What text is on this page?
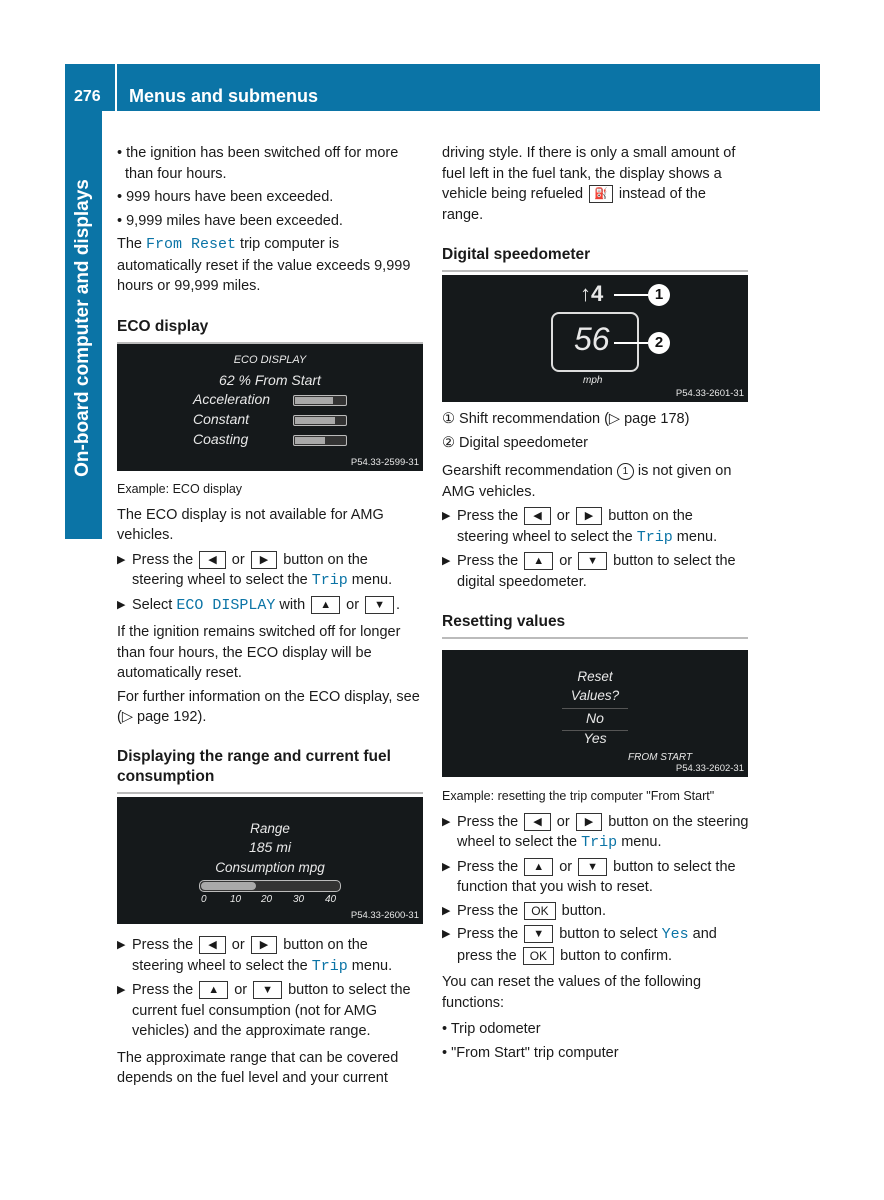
276 Menus and submenus
On-board computer and displays

• the ignition has been switched off for more than four hours.

• 999 hours have been exceeded.

• 9,999 miles have been exceeded.

The From Reset trip computer is automatically reset if the value exceeds 9,999 hours or 99,999 miles.

ECO display
ECO DISPLAY
62 % From Start
Acceleration
Constant
Coasting
P54.33-2599-31

Example: ECO display

The ECO display is not available for AMG vehicles.

▶ Press the ◀ or ▶ button on the steering wheel to select the Trip menu.

▶ Select ECO DISPLAY with ▲ or ▼ .

If the ignition remains switched off for longer than four hours, the ECO display will be automatically reset.

For further information on the ECO display, see (▷ page 192).

Displaying the range and current fuel consumption
Range
185 mi
Consumption mpg
0 10 20 30 40
P54.33-2600-31

▶ Press the ◀ or ▶ button on the steering wheel to select the Trip menu.

▶ Press the ▲ or ▼ button to select the current fuel consumption (not for AMG vehicles) and the approximate range.

The approximate range that can be covered depends on the fuel level and your current

driving style. If there is only a small amount of fuel left in the fuel tank, the display shows a vehicle being refueled ⛽ instead of the range.

Digital speedometer
↑4	1
56	2
mph
P54.33-2601-31

① Shift recommendation (▷ page 178)

② Digital speedometer

Gearshift recommendation 1 is not given on AMG vehicles.

▶ Press the ◀ or ▶ button on the steering wheel to select the Trip menu.

▶ Press the ▲ or ▼ button to select the digital speedometer.

Resetting values
Reset
Values?
No
Yes
FROM START
P54.33-2602-31

Example: resetting the trip computer "From Start"

▶ Press the ◀ or ▶ button on the steering wheel to select the Trip menu.

▶ Press the ▲ or ▼ button to select the function that you wish to reset.

▶ Press the OK button.

▶ Press the ▼ button to select Yes and press the OK button to confirm.

You can reset the values of the following functions:

• Trip odometer

• "From Start" trip computer
